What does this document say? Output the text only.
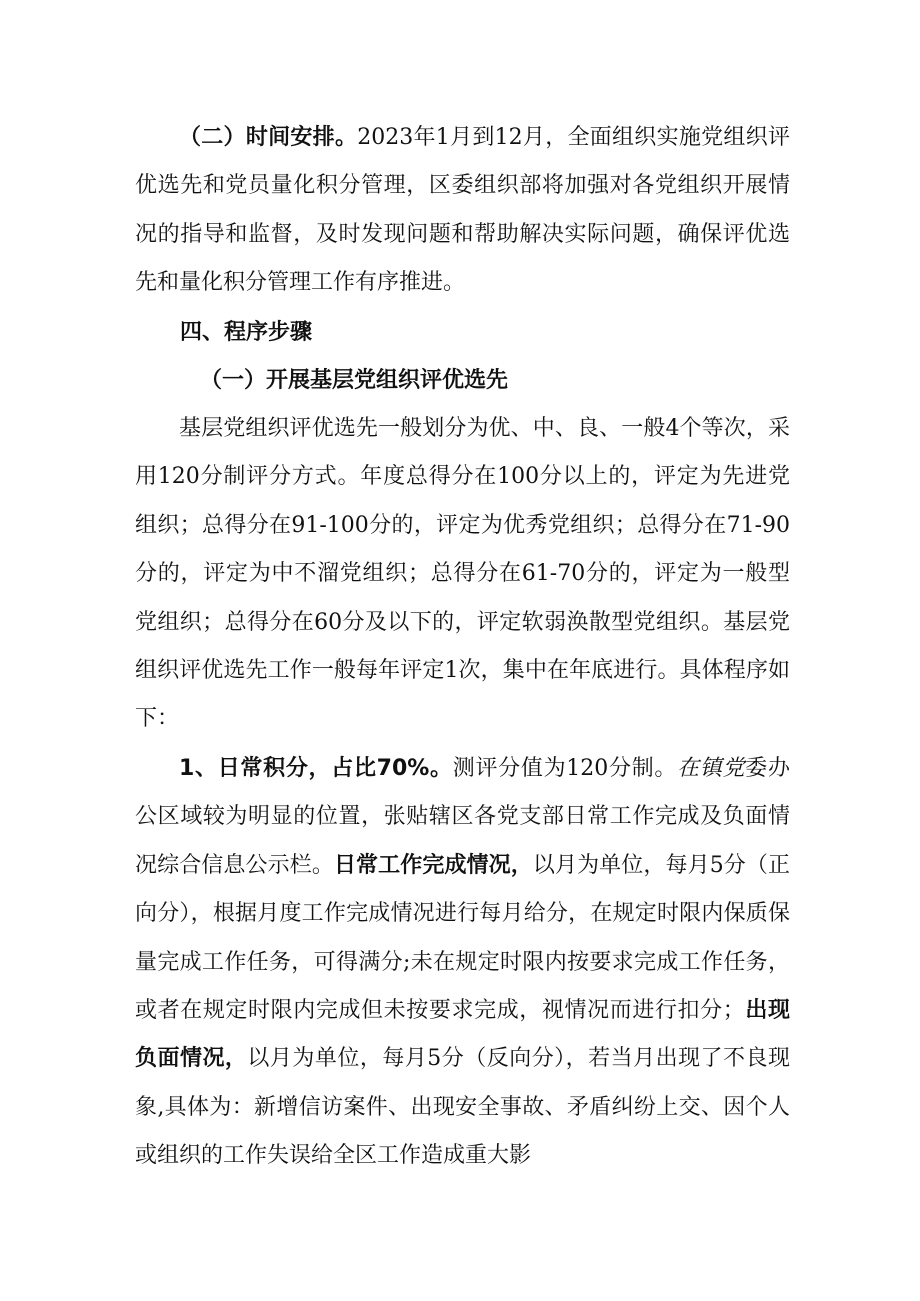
（二）时间安排。2023年1月到12月，全面组织实施党组织评优选先和党员量化积分管理，区委组织部将加强对各党组织开展情况的指导和监督，及时发现问题和帮助解决实际问题，确保评优选先和量化积分管理工作有序推进。

四、程序步骤

（一）开展基层党组织评优选先

基层党组织评优选先一般划分为优、中、良、一般4个等次，采用120分制评分方式。年度总得分在100分以上的，评定为先进党组织；总得分在91-100分的，评定为优秀党组织；总得分在71-90分的，评定为中不溜党组织；总得分在61-70分的，评定为一般型党组织；总得分在60分及以下的，评定软弱涣散型党组织。基层党组织评优选先工作一般每年评定1次，集中在年底进行。具体程序如下：

1、日常积分，占比70%。测评分值为120分制。在镇党委办公区域较为明显的位置，张贴辖区各党支部日常工作完成及负面情况综合信息公示栏。日常工作完成情况，以月为单位，每月5分（正向分），根据月度工作完成情况进行每月给分，在规定时限内保质保量完成工作任务，可得满分;未在规定时限内按要求完成工作任务，或者在规定时限内完成但未按要求完成，视情况而进行扣分；出现负面情况，以月为单位，每月5分（反向分），若当月出现了不良现象,具体为：新增信访案件、出现安全事故、矛盾纠纷上交、因个人或组织的工作失误给全区工作造成重大影
